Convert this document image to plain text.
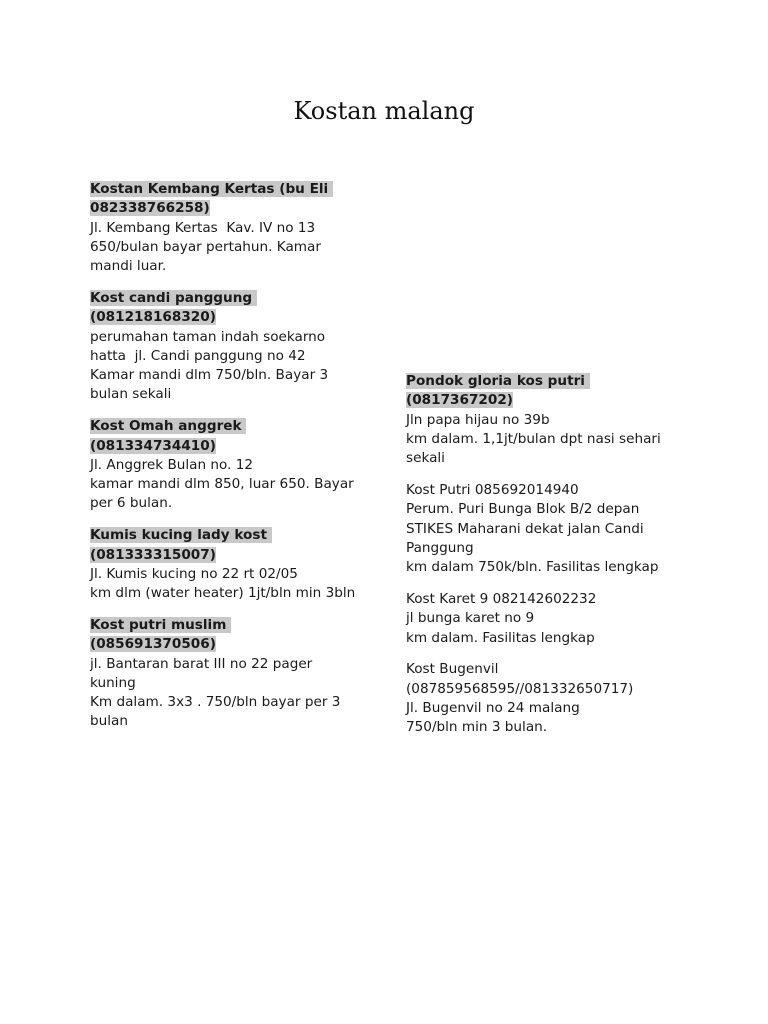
Kostan malang
Kostan Kembang Kertas (bu Eli
082338766258)
Jl. Kembang Kertas  Kav. IV no 13
650/bulan bayar pertahun. Kamar
mandi luar.
Kost candi panggung
(081218168320)
perumahan taman indah soekarno
hatta  jl. Candi panggung no 42
Kamar mandi dlm 750/bln. Bayar 3
bulan sekali
Kost Omah anggrek
(081334734410)
Jl. Anggrek Bulan no. 12
kamar mandi dlm 850, luar 650. Bayar
per 6 bulan.
Kumis kucing lady kost
(081333315007)
Jl. Kumis kucing no 22 rt 02/05
km dlm (water heater) 1jt/bln min 3bln
Kost putri muslim
(085691370506)
jl. Bantaran barat III no 22 pager
kuning
Km dalam. 3x3 . 750/bln bayar per 3
bulan
Pondok gloria kos putri
(0817367202)
Jln papa hijau no 39b
km dalam. 1,1jt/bulan dpt nasi sehari
sekali
Kost Putri 085692014940
Perum. Puri Bunga Blok B/2 depan
STIKES Maharani dekat jalan Candi
Panggung
km dalam 750k/bln. Fasilitas lengkap
Kost Karet 9 082142602232
jl bunga karet no 9
km dalam. Fasilitas lengkap
Kost Bugenvil
(087859568595//081332650717)
Jl. Bugenvil no 24 malang
750/bln min 3 bulan.
